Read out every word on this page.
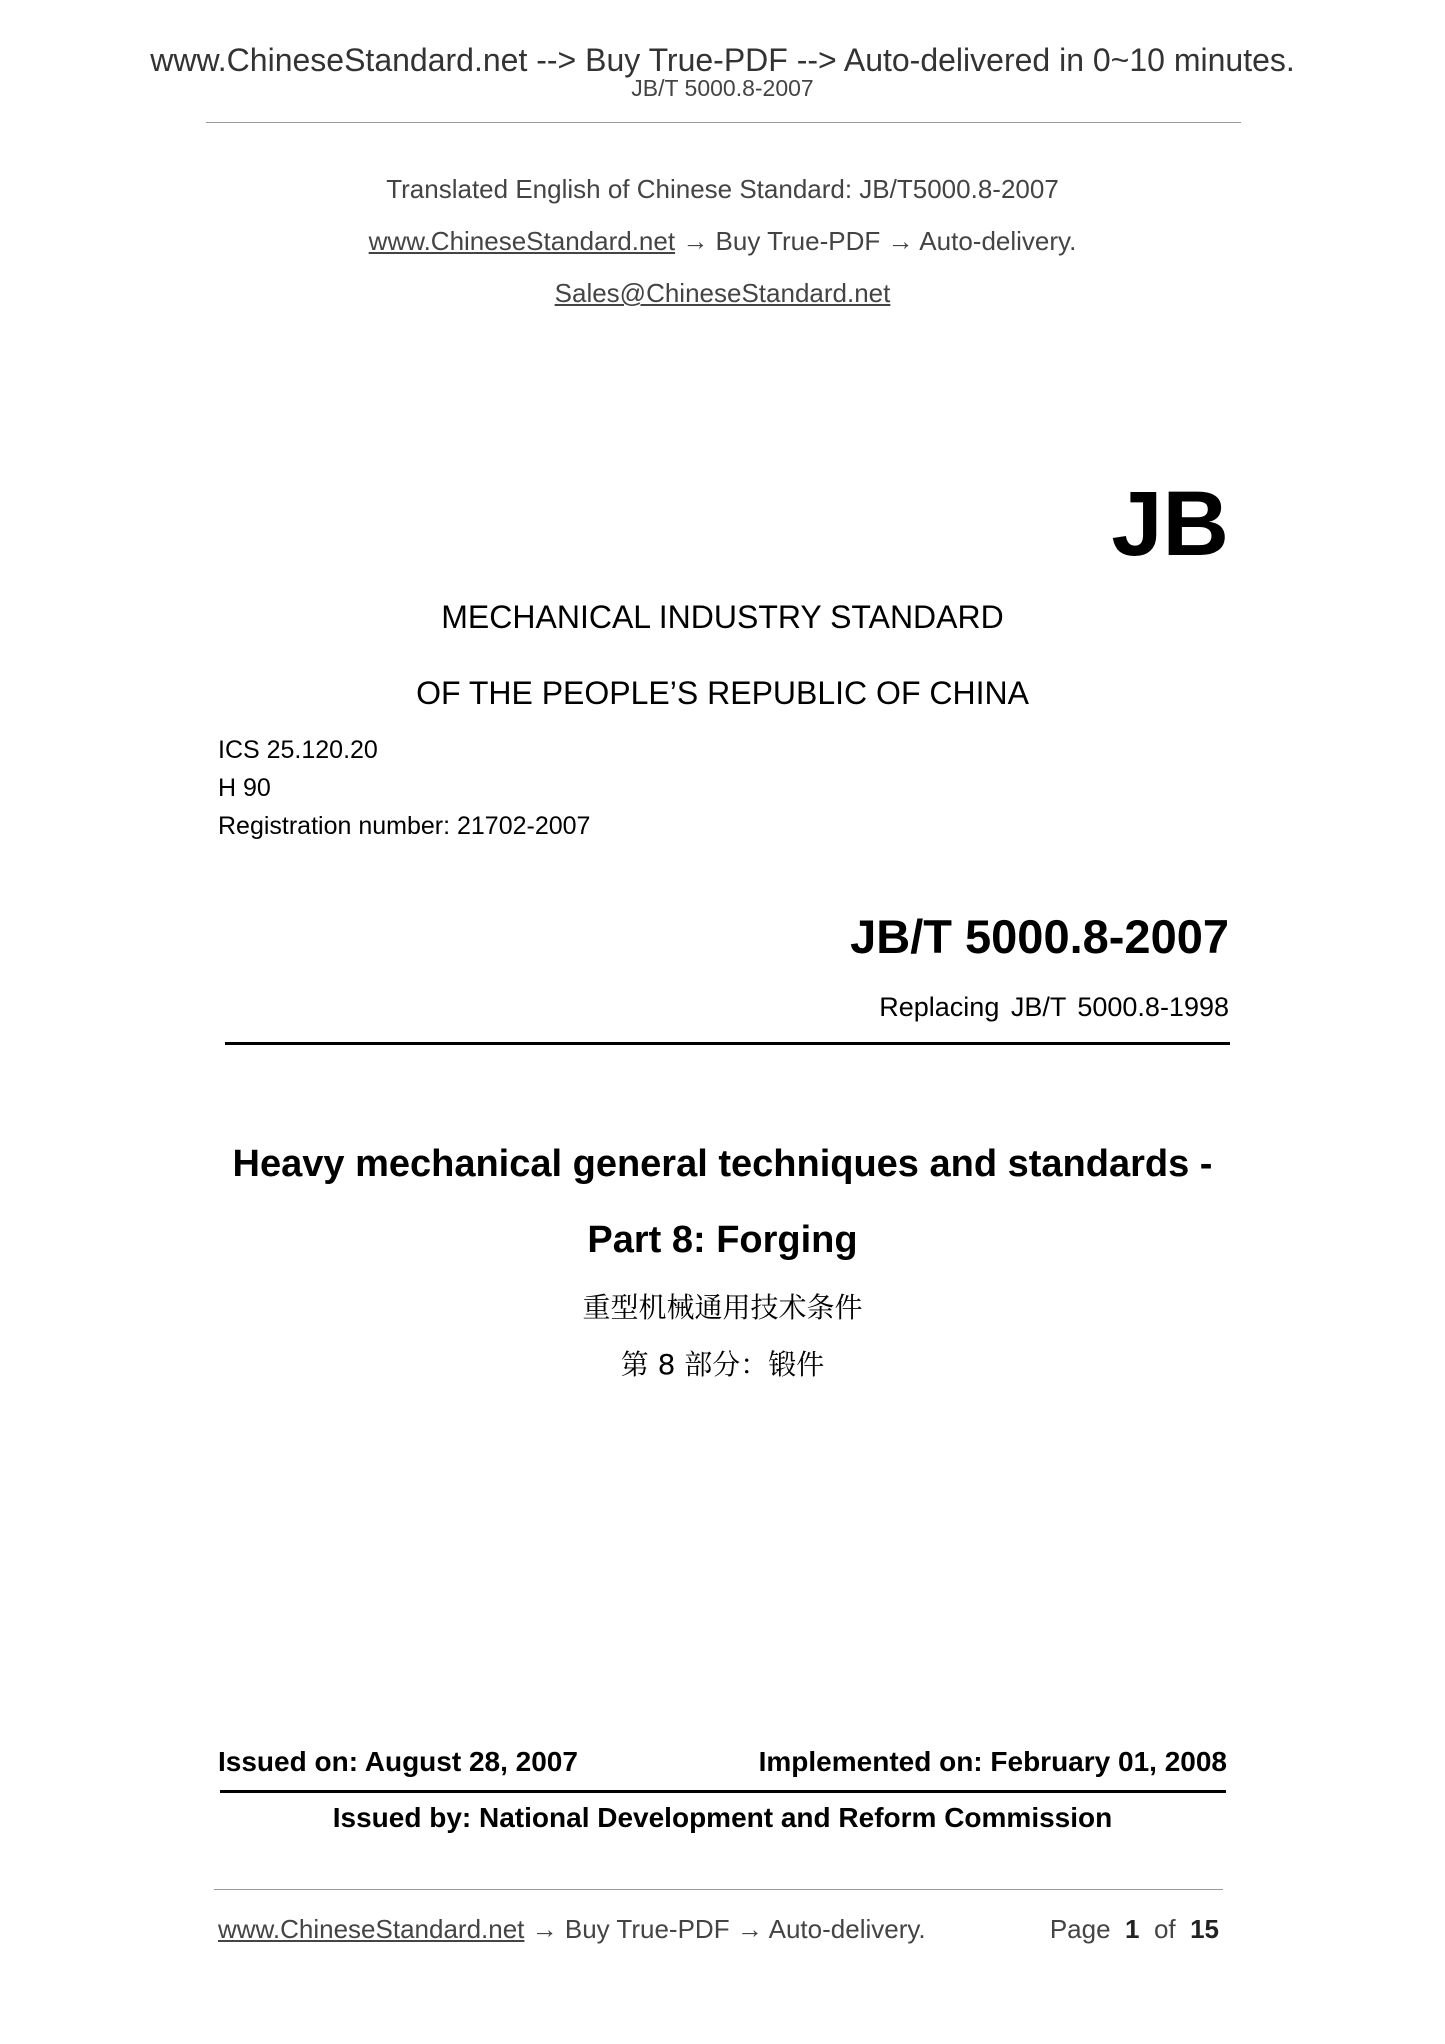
www.ChineseStandard.net --> Buy True-PDF --> Auto-delivered in 0~10 minutes.
JB/T 5000.8-2007
Translated English of Chinese Standard: JB/T5000.8-2007
www.ChineseStandard.net → Buy True-PDF → Auto-delivery.
Sales@ChineseStandard.net
JB
MECHANICAL INDUSTRY STANDARD
OF THE PEOPLE’S REPUBLIC OF CHINA
ICS 25.120.20
H 90
Registration number: 21702-2007
JB/T 5000.8-2007
Replacing JB/T 5000.8-1998
Heavy mechanical general techniques and standards -
Part 8: Forging
重型机械通用技术条件
第 8 部分：锻件
Issued on: August 28, 2007	Implemented on: February 01, 2008
Issued by: National Development and Reform Commission
www.ChineseStandard.net → Buy True-PDF → Auto-delivery.	Page 1 of 15
